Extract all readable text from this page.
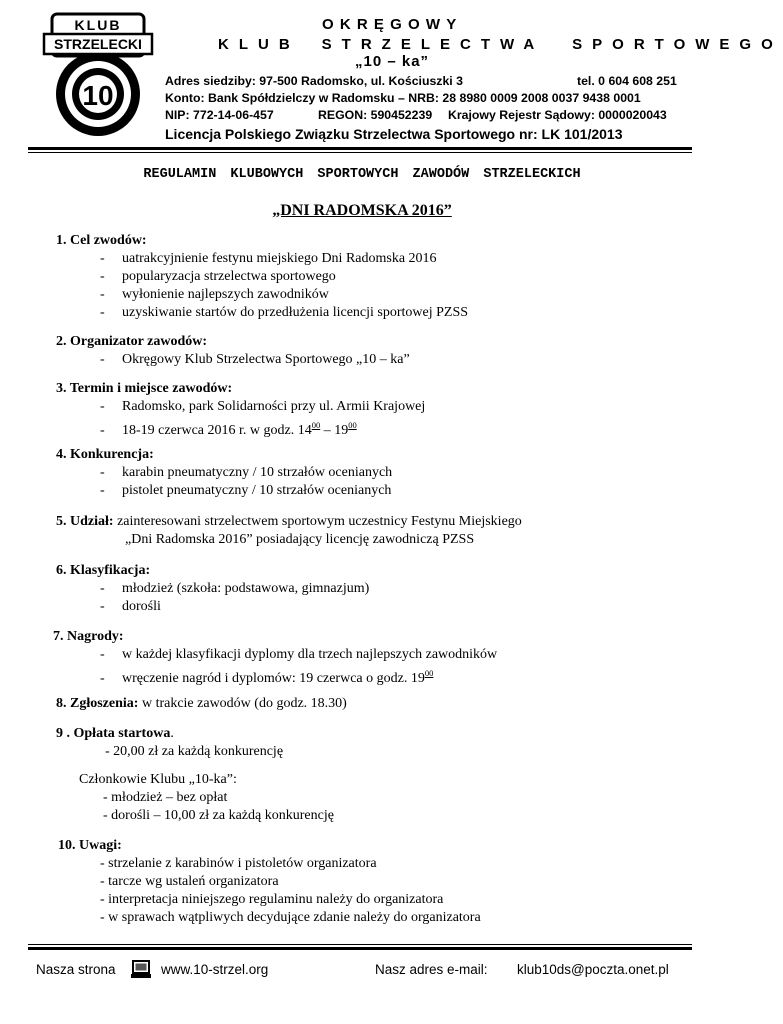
KLUB
STRZELECKI
10
OKRĘGOWY
KLUB STRZELECTWA SPORTOWEGO
„10 – ka”
Adres siedziby: 97-500 Radomsko, ul. Kościuszki 3	tel. 0 604 608 251
Konto: Bank Spółdzielczy w Radomsku – NRB: 28 8980 0009 2008 0037 9438 0001
NIP: 772-14-06-457	REGON: 590452239 Krajowy Rejestr Sądowy: 0000020043
Licencja Polskiego Związku Strzelectwa Sportowego nr: LK 101/2013
REGULAMIN KLUBOWYCH SPORTOWYCH ZAWODÓW STRZELECKICH
„DNI RADOMSKA 2016”
1. Cel zwodów:
- uatrakcyjnienie festynu miejskiego Dni Radomska 2016
- popularyzacja strzelectwa sportowego
- wyłonienie najlepszych zawodników
- uzyskiwanie startów do przedłużenia licencji sportowej PZSS
2. Organizator zawodów:
- Okręgowy Klub Strzelectwa Sportowego „10 – ka”
3. Termin i miejsce zawodów:
- Radomsko, park Solidarności przy ul. Armii Krajowej
- 18-19 czerwca 2016 r. w godz. $14^{00} - 19^{00}$
4. Konkurencja:
- karabin pneumatyczny / 10 strzałów ocenianych
- pistolet pneumatyczny / 10 strzałów ocenianych
5. Udział: zainteresowani strzelectwem sportowym uczestnicy Festynu Miejskiego
„Dni Radomska 2016” posiadający licencję zawodniczą PZSS
6. Klasyfikacja:
- młodzież (szkoła: podstawowa, gimnazjum)
- dorośli
7. Nagrody:
- w każdej klasyfikacji dyplomy dla trzech najlepszych zawodników
- wręczenie nagród i dyplomów: 19 czerwca o godz. $19^{00}$
8. Zgłoszenia: w trakcie zawodów (do godz. 18.30)
9 . Opłata startowa.
- 20,00 zł za każdą konkurencję
Członkowie Klubu „10-ka”:
- młodzież – bez opłat
- dorośli – 10,00 zł za każdą konkurencję
10. Uwagi:
- strzelanie z karabinów i pistoletów organizatora
- tarcze wg ustaleń organizatora
- interpretacja niniejszego regulaminu należy do organizatora
- w sprawach wątpliwych decydujące zdanie należy do organizatora
Nasza strona	www.10-strzel.org	Nasz adres e-mail: klub10ds@poczta.onet.pl
